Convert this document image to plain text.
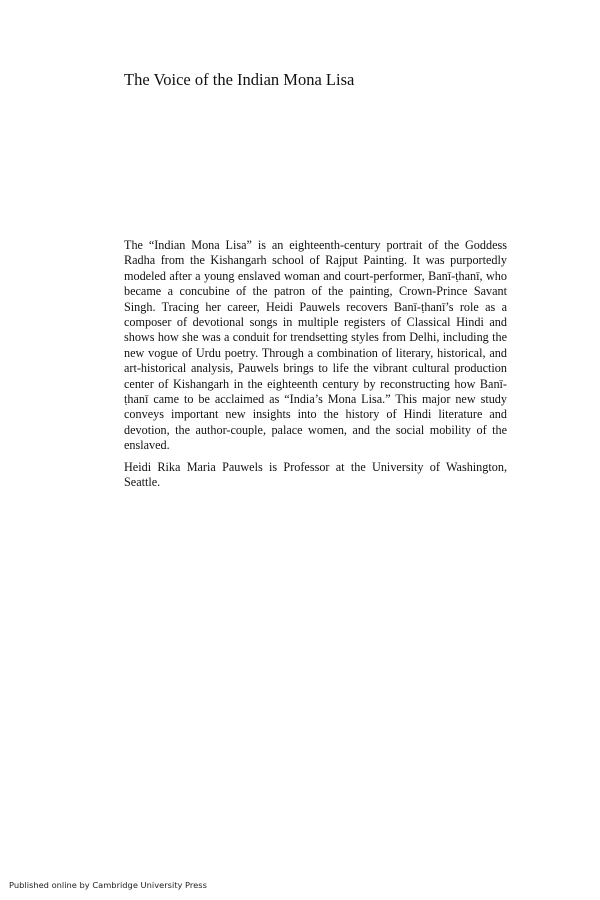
The Voice of the Indian Mona Lisa

The “Indian Mona Lisa” is an eighteenth-century portrait of the Goddess Radha from the Kishangarh school of Rajput Painting. It was purportedly modeled after a young enslaved woman and court-performer, Banī-ṭhanī, who became a concubine of the patron of the painting, Crown-Prince Savant Singh. Tracing her career, Heidi Pauwels recovers Banī-ṭhanī’s role as a composer of devotional songs in multiple registers of Classical Hindi and shows how she was a conduit for trendsetting styles from Delhi, including the new vogue of Urdu poetry. Through a combination of literary, historical, and art-historical analysis, Pauwels brings to life the vibrant cultural production center of Kishangarh in the eighteenth century by reconstructing how Banī-ṭhanī came to be acclaimed as “India’s Mona Lisa.” This major new study conveys important new insights into the history of Hindi literature and devotion, the author-couple, palace women, and the social mobility of the enslaved.

Heidi Rika Maria Pauwels is Professor at the University of Washington, Seattle.

Published online by Cambridge University Press
